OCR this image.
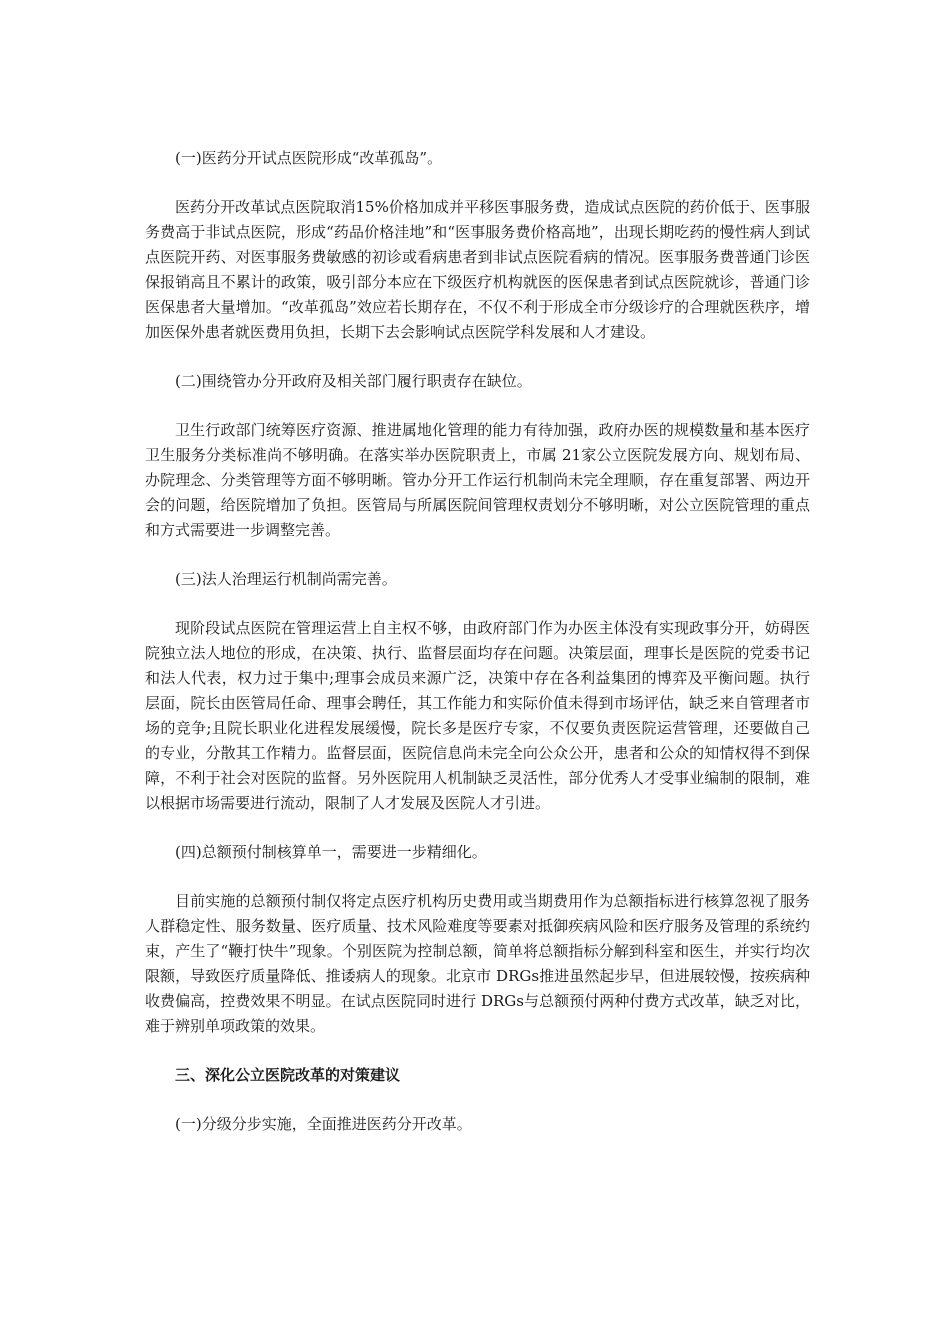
(一)医药分开试点医院形成“改革孤岛”。

医药分开改革试点医院取消15%价格加成并平移医事服务费，造成试点医院的药价低于、医事服务费高于非试点医院，形成“药品价格洼地”和“医事服务费价格高地”，出现长期吃药的慢性病人到试点医院开药、对医事服务费敏感的初诊或看病患者到非试点医院看病的情况。医事服务费普通门诊医保报销高且不累计的政策，吸引部分本应在下级医疗机构就医的医保患者到试点医院就诊，普通门诊医保患者大量增加。“改革孤岛”效应若长期存在，不仅不利于形成全市分级诊疗的合理就医秩序，增加医保外患者就医费用负担，长期下去会影响试点医院学科发展和人才建设。

(二)围绕管办分开政府及相关部门履行职责存在缺位。

卫生行政部门统筹医疗资源、推进属地化管理的能力有待加强，政府办医的规模数量和基本医疗卫生服务分类标准尚不够明确。在落实举办医院职责上，市属 21家公立医院发展方向、规划布局、办院理念、分类管理等方面不够明晰。管办分开工作运行机制尚未完全理顺，存在重复部署、两边开会的问题，给医院增加了负担。医管局与所属医院间管理权责划分不够明晰，对公立医院管理的重点和方式需要进一步调整完善。

(三)法人治理运行机制尚需完善。

现阶段试点医院在管理运营上自主权不够，由政府部门作为办医主体没有实现政事分开，妨碍医院独立法人地位的形成，在决策、执行、监督层面均存在问题。决策层面，理事长是医院的党委书记和法人代表，权力过于集中;理事会成员来源广泛，决策中存在各利益集团的博弈及平衡问题。执行层面，院长由医管局任命、理事会聘任，其工作能力和实际价值未得到市场评估，缺乏来自管理者市场的竞争;且院长职业化进程发展缓慢，院长多是医疗专家，不仅要负责医院运营管理，还要做自己的专业，分散其工作精力。监督层面，医院信息尚未完全向公众公开，患者和公众的知情权得不到保障，不利于社会对医院的监督。另外医院用人机制缺乏灵活性，部分优秀人才受事业编制的限制，难以根据市场需要进行流动，限制了人才发展及医院人才引进。

(四)总额预付制核算单一，需要进一步精细化。

目前实施的总额预付制仅将定点医疗机构历史费用或当期费用作为总额指标进行核算忽视了服务人群稳定性、服务数量、医疗质量、技术风险难度等要素对抵御疾病风险和医疗服务及管理的系统约束，产生了“鞭打快牛”现象。个别医院为控制总额，简单将总额指标分解到科室和医生，并实行均次限额，导致医疗质量降低、推诿病人的现象。北京市 DRGs推进虽然起步早，但进展较慢，按疾病种收费偏高，控费效果不明显。在试点医院同时进行 DRGs与总额预付两种付费方式改革，缺乏对比，难于辨别单项政策的效果。

三、深化公立医院改革的对策建议

(一)分级分步实施，全面推进医药分开改革。
